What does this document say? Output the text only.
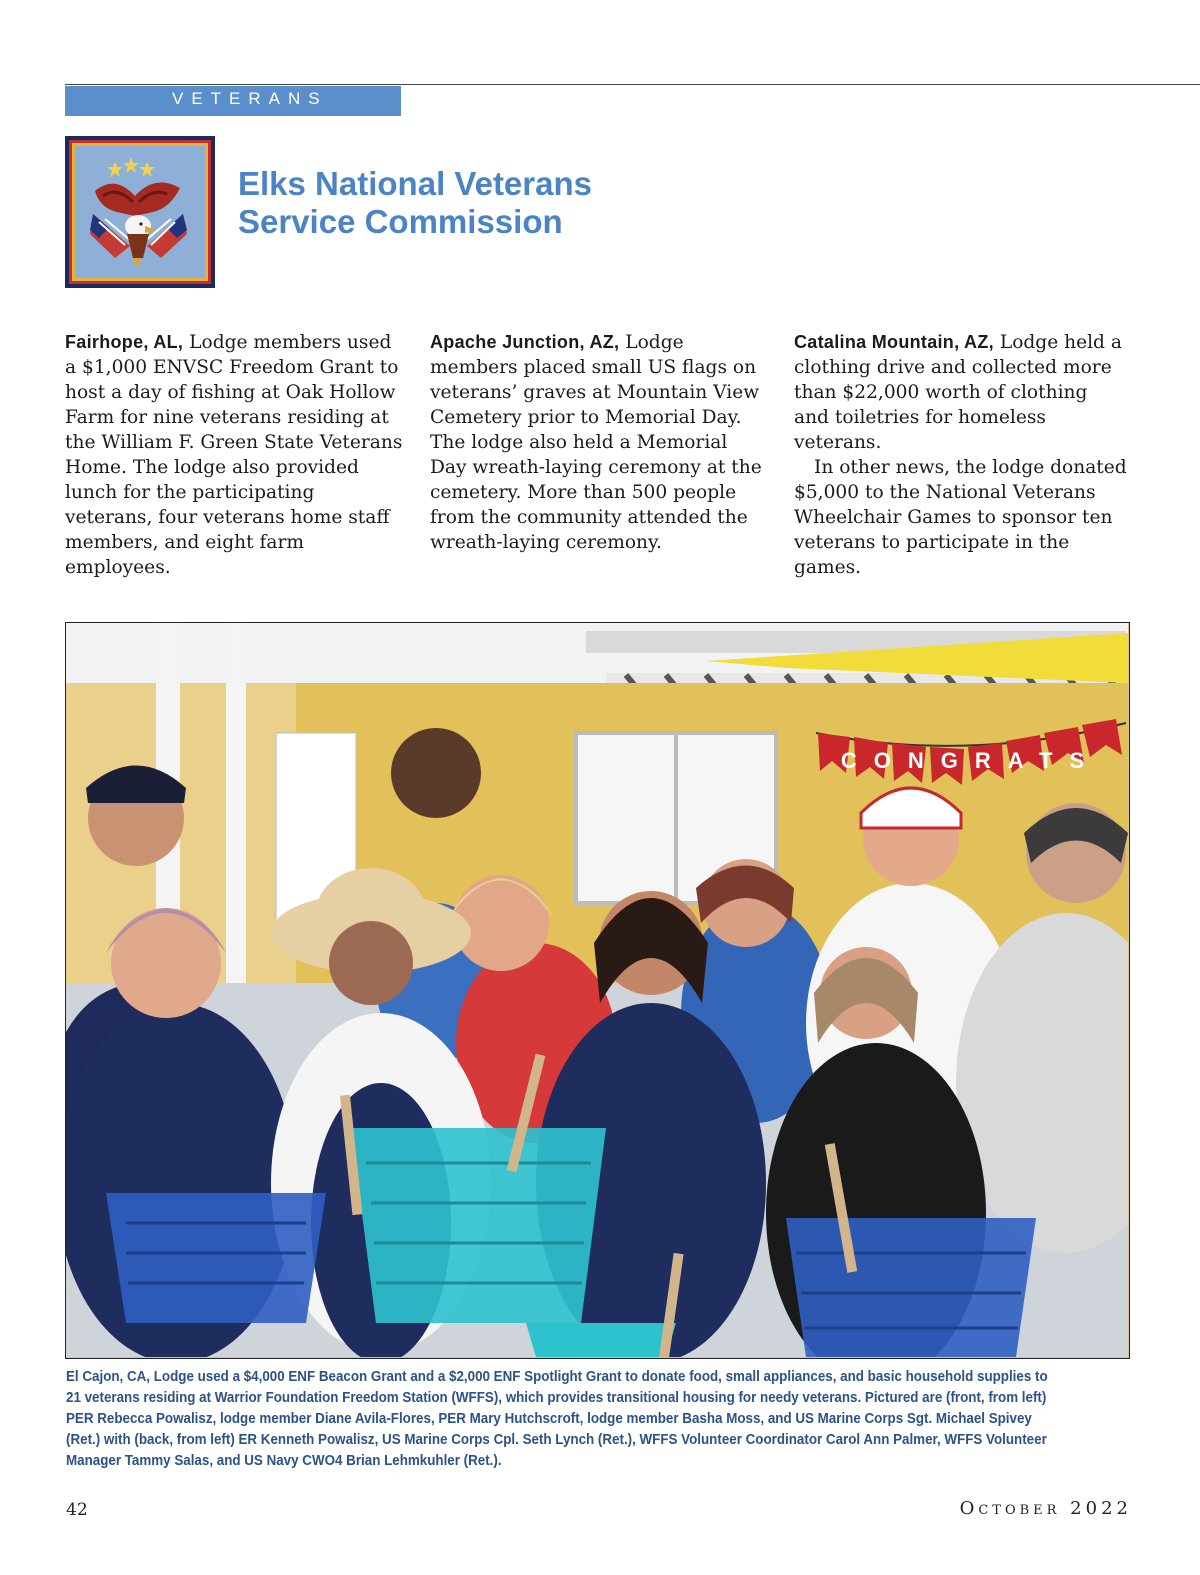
VETERANS
Elks National Veterans
Service Commission

Fairhope, AL, Lodge members used a $1,000 ENVSC Freedom Grant to host a day of fishing at Oak Hollow Farm for nine veterans residing at the William F. Green State Veterans Home. The lodge also provided lunch for the participating veterans, four veterans home staff members, and eight farm employees.

Apache Junction, AZ, Lodge members placed small US flags on veterans’ graves at Mountain View Cemetery prior to Memorial Day. The lodge also held a Memorial Day wreath-laying ceremony at the cemetery. More than 500 people from the community attended the wreath-laying ceremony.

Catalina Mountain, AZ, Lodge held a clothing drive and collected more than $22,000 worth of clothing and toiletries for homeless veterans.

In other news, the lodge donated $5,000 to the National Veterans Wheelchair Games to sponsor ten veterans to participate in the games.

CONGRATS
El Cajon, CA, Lodge used a $4,000 ENF Beacon Grant and a $2,000 ENF Spotlight Grant to donate food, small appliances, and basic household supplies to 21 veterans residing at Warrior Foundation Freedom Station (WFFS), which provides transitional housing for needy veterans. Pictured are (front, from left) PER Rebecca Powalisz, lodge member Diane Avila-Flores, PER Mary Hutchscroft, lodge member Basha Moss, and US Marine Corps Sgt. Michael Spivey (Ret.) with (back, from left) ER Kenneth Powalisz, US Marine Corps Cpl. Seth Lynch (Ret.), WFFS Volunteer Coordinator Carol Ann Palmer, WFFS Volunteer Manager Tammy Salas, and US Navy CWO4 Brian Lehmkuhler (Ret.).
42	October 2022
